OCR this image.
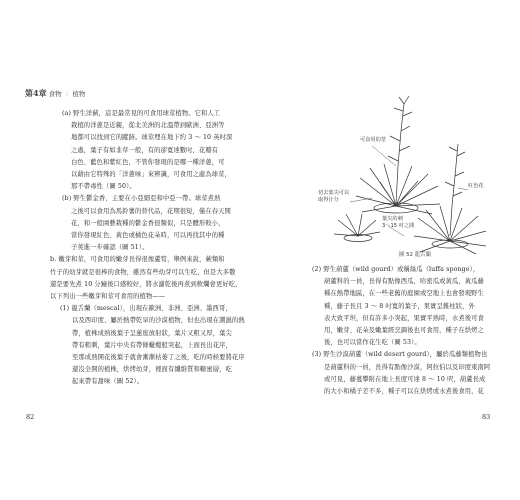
第4章 食物 ｜ 植物
(a) 野生洋薊，這是最常見的可食用球莖植物。它和人工
栽植的洋蔥是近親，從北美洲的北溫帶到歐洲、亞洲等
地都可以找到它的蹤跡。球莖埋在地下約 3 ～ 10 英吋深
之處，葉子有如韭草一般，有的卻寬達數吋，花瓣有
白色、藍色和紫紅色，不管你發現的是哪一種洋蔥，可
以藉由它特殊的「洋蔥味」來辨識，可食用之處為球莖，
那不帶毒性（圖 50）。
(b) 野生鬱金香，主要在小亞細亞和中亞一帶。球莖煮熟
之後可以食用為馬鈴薯的替代品，花期很短，僅在春天開
花，和一般園藝栽種的鬱金香很類似，只是體形較小，
當你發現紅色、黃色或橘色花朵時，可以再找其中的種
子莢進一步確認（圖 51）。
b. 嫩芽和莖，可食用的嫩芽長得很像蘆筍，舉例來說，蕨類和
竹子的幼芽就是很棒的食物，雖然有些幼芽可以生吃，但是大多數
還是要先煮 10 分鐘後口感較好，將水濾乾後再煮到軟爛會更好吃，
以下列出一些嫩芽和莖可食用的植物——
(1) 龍舌蘭（mescal），出現在歐洲、非洲、亞洲、墨西哥，
以及西印度、屬於熱帶乾旱的沙漠植物，但也出現在潮濕的熱
帶，植株成熟後葉子呈蓮座放射狀，葉片又粗又厚，葉尖
帶有粗刺，葉片中央有帶條蠟燭般突起，上面長出花序，
至那成熟開花後葉子就會漸漸枯萎了之後，吃的時候要將花序
還沒全開的植株，烘烤幼芽，裡面有纖維質和糖蜜層，吃
起來帶有甜味（圖 52）。
82
可食用的莖
切去葉尖可以
取得汁分
紅色花
葉尖的刺
3～15 吋之間
圖 52 龍舌蘭
(2) 野生葫蘆（wild gourd）或稱絲瓜（luffa sponge），
葫蘆科的一員，長得有點像西瓜，哈密瓜或黃瓜，黃瓜藤
種在熱帶地區，在一些老舊的庭園或空地上也會發現野生
種，藤子長且 3 ～ 8 吋寬的葉子，果實呈錐柱狀，外
表大致平坦，但有許多小突起，果實平熟時，水煮後可食
用，嫩芽、花朵及嫩葉經烹調後也可食用，種子在烘烤之
後，也可以當作花生吃（圖 53）。
(3) 野生沙漠葫蘆（wild desert gourd），屬於瓜藤類植物也
是葫蘆科的一員，長得有點像沙漠，阿拉伯以及印度東南阿
或可見，藤蔓攀附在地上長度可達 8 ～ 10 呎，葫蘆長成
的大小和橘子差不多，種子可以在烘烤或水煮後食用，花
83
